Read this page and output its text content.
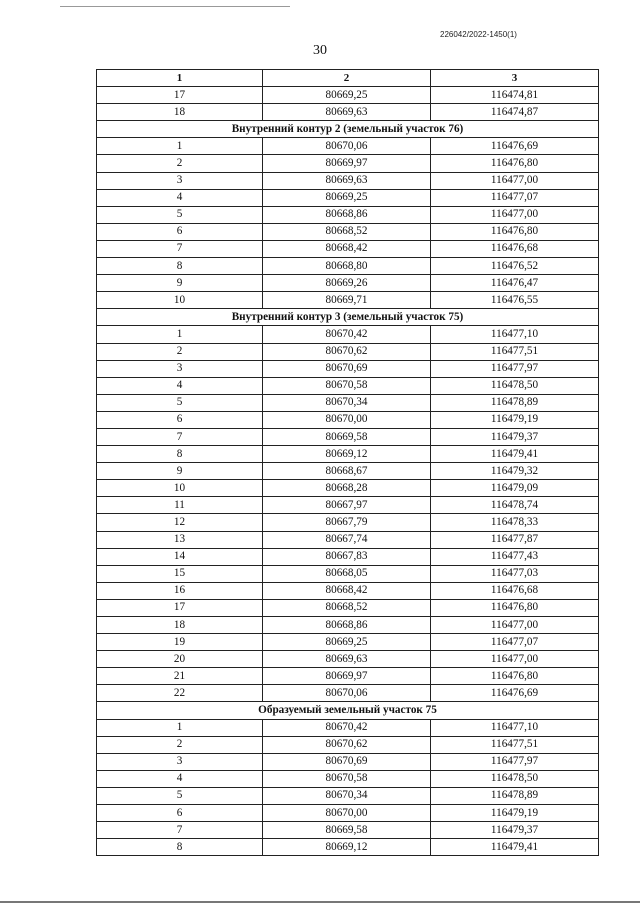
226042/2022-1450(1)
30
1	2	3
17	80669,25	116474,81
18	80669,63	116474,87
Внутренний контур 2 (земельный участок 76)		
1	80670,06	116476,69
2	80669,97	116476,80
3	80669,63	116477,00
4	80669,25	116477,07
5	80668,86	116477,00
6	80668,52	116476,80
7	80668,42	116476,68
8	80668,80	116476,52
9	80669,26	116476,47
10	80669,71	116476,55
Внутренний контур 3 (земельный участок 75)		
1	80670,42	116477,10
2	80670,62	116477,51
3	80670,69	116477,97
4	80670,58	116478,50
5	80670,34	116478,89
6	80670,00	116479,19
7	80669,58	116479,37
8	80669,12	116479,41
9	80668,67	116479,32
10	80668,28	116479,09
11	80667,97	116478,74
12	80667,79	116478,33
13	80667,74	116477,87
14	80667,83	116477,43
15	80668,05	116477,03
16	80668,42	116476,68
17	80668,52	116476,80
18	80668,86	116477,00
19	80669,25	116477,07
20	80669,63	116477,00
21	80669,97	116476,80
22	80670,06	116476,69
Образуемый земельный участок 75		
1	80670,42	116477,10
2	80670,62	116477,51
3	80670,69	116477,97
4	80670,58	116478,50
5	80670,34	116478,89
6	80670,00	116479,19
7	80669,58	116479,37
8	80669,12	116479,41
